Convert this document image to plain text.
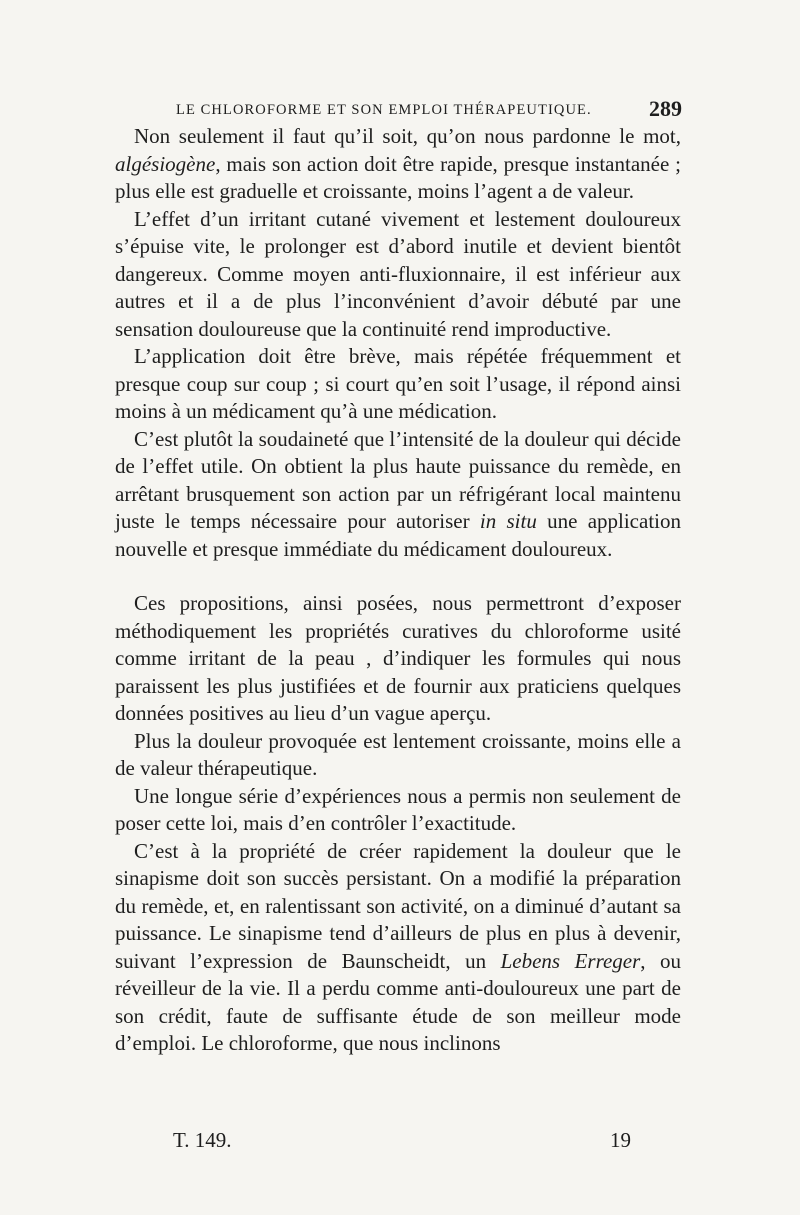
LE CHLOROFORME ET SON EMPLOI THÉRAPEUTIQUE.	289

Non seulement il faut qu’il soit, qu’on nous pardonne le mot, algésiogène, mais son action doit être rapide, presque instantanée ; plus elle est graduelle et croissante, moins l’agent a de valeur.

L’effet d’un irritant cutané vivement et lestement douloureux s’épuise vite, le prolonger est d’abord inutile et devient bientôt dangereux. Comme moyen anti-fluxionnaire, il est inférieur aux autres et il a de plus l’inconvénient d’avoir débuté par une sensation douloureuse que la continuité rend improductive.

L’application doit être brève, mais répétée fréquemment et presque coup sur coup ; si court qu’en soit l’usage, il répond ainsi moins à un médicament qu’à une médication.

C’est plutôt la soudaineté que l’intensité de la douleur qui décide de l’effet utile. On obtient la plus haute puissance du remède, en arrêtant brusquement son action par un réfrigérant local maintenu juste le temps nécessaire pour autoriser in situ une application nouvelle et presque immédiate du médicament douloureux.

Ces propositions, ainsi posées, nous permettront d’exposer méthodiquement les propriétés curatives du chloroforme usité comme irritant de la peau , d’indiquer les formules qui nous paraissent les plus justifiées et de fournir aux praticiens quelques données positives au lieu d’un vague aperçu.

Plus la douleur provoquée est lentement croissante, moins elle a de valeur thérapeutique.

Une longue série d’expériences nous a permis non seulement de poser cette loi, mais d’en contrôler l’exactitude.

C’est à la propriété de créer rapidement la douleur que le sinapisme doit son succès persistant. On a modifié la préparation du remède, et, en ralentissant son activité, on a diminué d’autant sa puissance. Le sinapisme tend d’ailleurs de plus en plus à devenir, suivant l’expression de Baunscheidt, un Lebens Erreger, ou réveilleur de la vie. Il a perdu comme anti-douloureux une part de son crédit, faute de suffisante étude de son meilleur mode d’emploi. Le chloroforme, que nous inclinons

T. 149.	19
